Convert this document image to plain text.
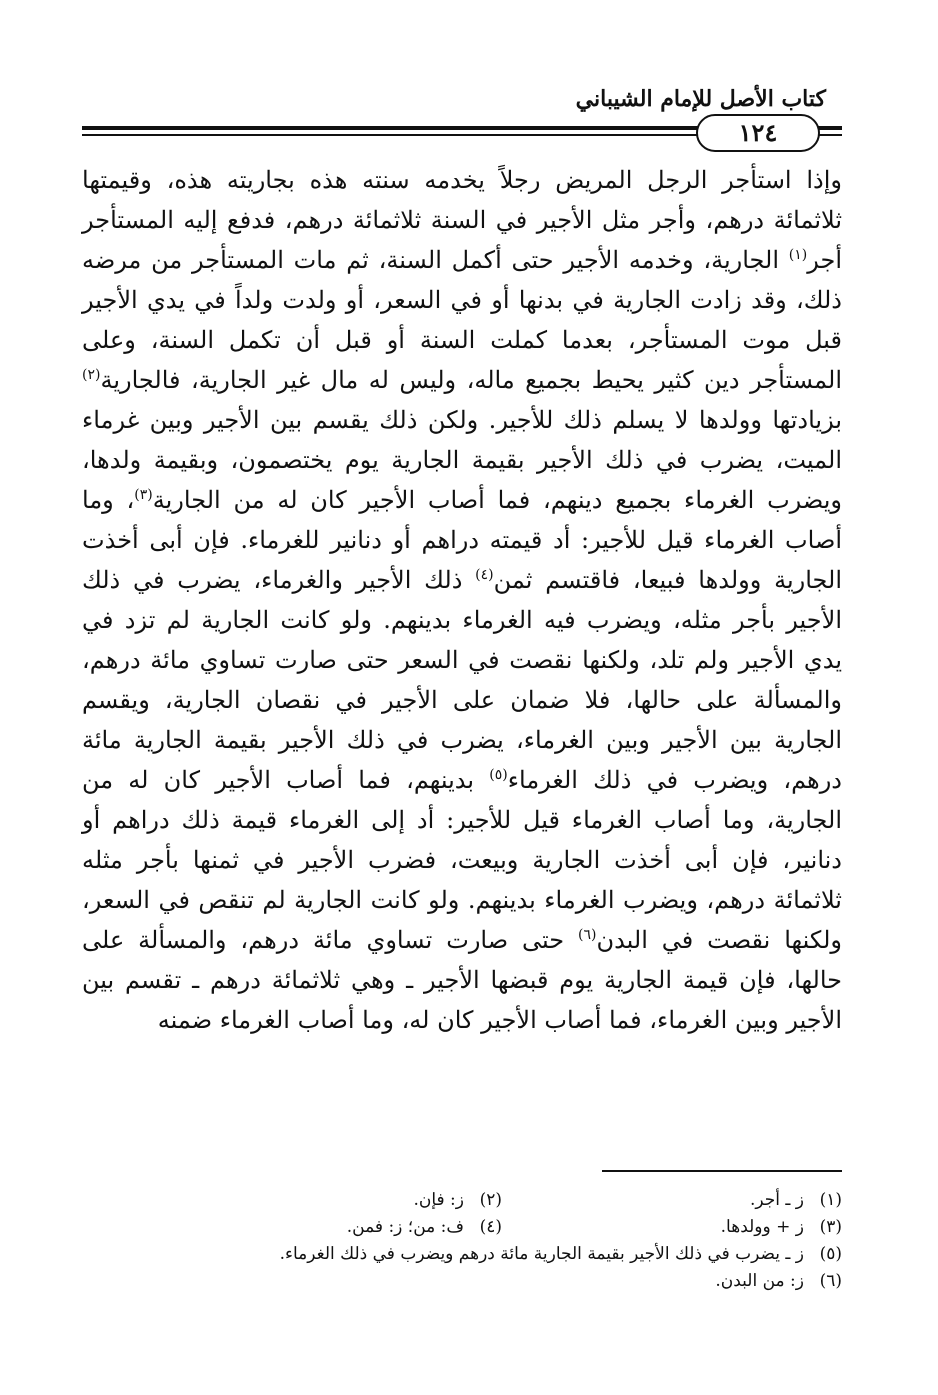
كتاب الأصل للإمام الشيباني
١٢٤

وإذا استأجر الرجل المريض رجلاً يخدمه سنته هذه بجاريته هذه، وقيمتها ثلاثمائة درهم، وأجر مثل الأجير في السنة ثلاثمائة درهم، فدفع إليه المستأجر أجر$^{(١)}$ الجارية، وخدمه الأجير حتى أكمل السنة، ثم مات المستأجر من مرضه ذلك، وقد زادت الجارية في بدنها أو في السعر، أو ولدت ولداً في يدي الأجير قبل موت المستأجر، بعدما كملت السنة أو قبل أن تكمل السنة، وعلى المستأجر دين كثير يحيط بجميع ماله، وليس له مال غير الجارية، فالجارية$^{(٢)}$ بزيادتها وولدها لا يسلم ذلك للأجير. ولكن ذلك يقسم بين الأجير وبين غرماء الميت، يضرب في ذلك الأجير بقيمة الجارية يوم يختصمون، وبقيمة ولدها، ويضرب الغرماء بجميع دينهم، فما أصاب الأجير كان له من الجارية$^{(٣)}$، وما أصاب الغرماء قيل للأجير: أد قيمته دراهم أو دنانير للغرماء. فإن أبى أخذت الجارية وولدها فبيعا، فاقتسم ثمن$^{(٤)}$ ذلك الأجير والغرماء، يضرب في ذلك الأجير بأجر مثله، ويضرب فيه الغرماء بدينهم. ولو كانت الجارية لم تزد في يدي الأجير ولم تلد، ولكنها نقصت في السعر حتى صارت تساوي مائة درهم، والمسألة على حالها، فلا ضمان على الأجير في نقصان الجارية، ويقسم الجارية بين الأجير وبين الغرماء، يضرب في ذلك الأجير بقيمة الجارية مائة درهم، ويضرب في ذلك الغرماء$^{(٥)}$ بدينهم، فما أصاب الأجير كان له من الجارية، وما أصاب الغرماء قيل للأجير: أد إلى الغرماء قيمة ذلك دراهم أو دنانير، فإن أبى أخذت الجارية وبيعت، فضرب الأجير في ثمنها بأجر مثله ثلاثمائة درهم، ويضرب الغرماء بدينهم. ولو كانت الجارية لم تنقص في السعر، ولكنها نقصت في البدن$^{(٦)}$ حتى صارت تساوي مائة درهم، والمسألة على حالها، فإن قيمة الجارية يوم قبضها الأجير ـ وهي ثلاثمائة درهم ـ تقسم بين الأجير وبين الغرماء، فما أصاب الأجير كان له، وما أصاب الغرماء ضمنه

(١)ز ـ أجر.
(٢)ز: فإن.
(٣)ز + وولدها.
(٤)ف: من؛ ز: فمن.
(٥)ز ـ يضرب في ذلك الأجير بقيمة الجارية مائة درهم ويضرب في ذلك الغرماء.
(٦)ز: من البدن.
